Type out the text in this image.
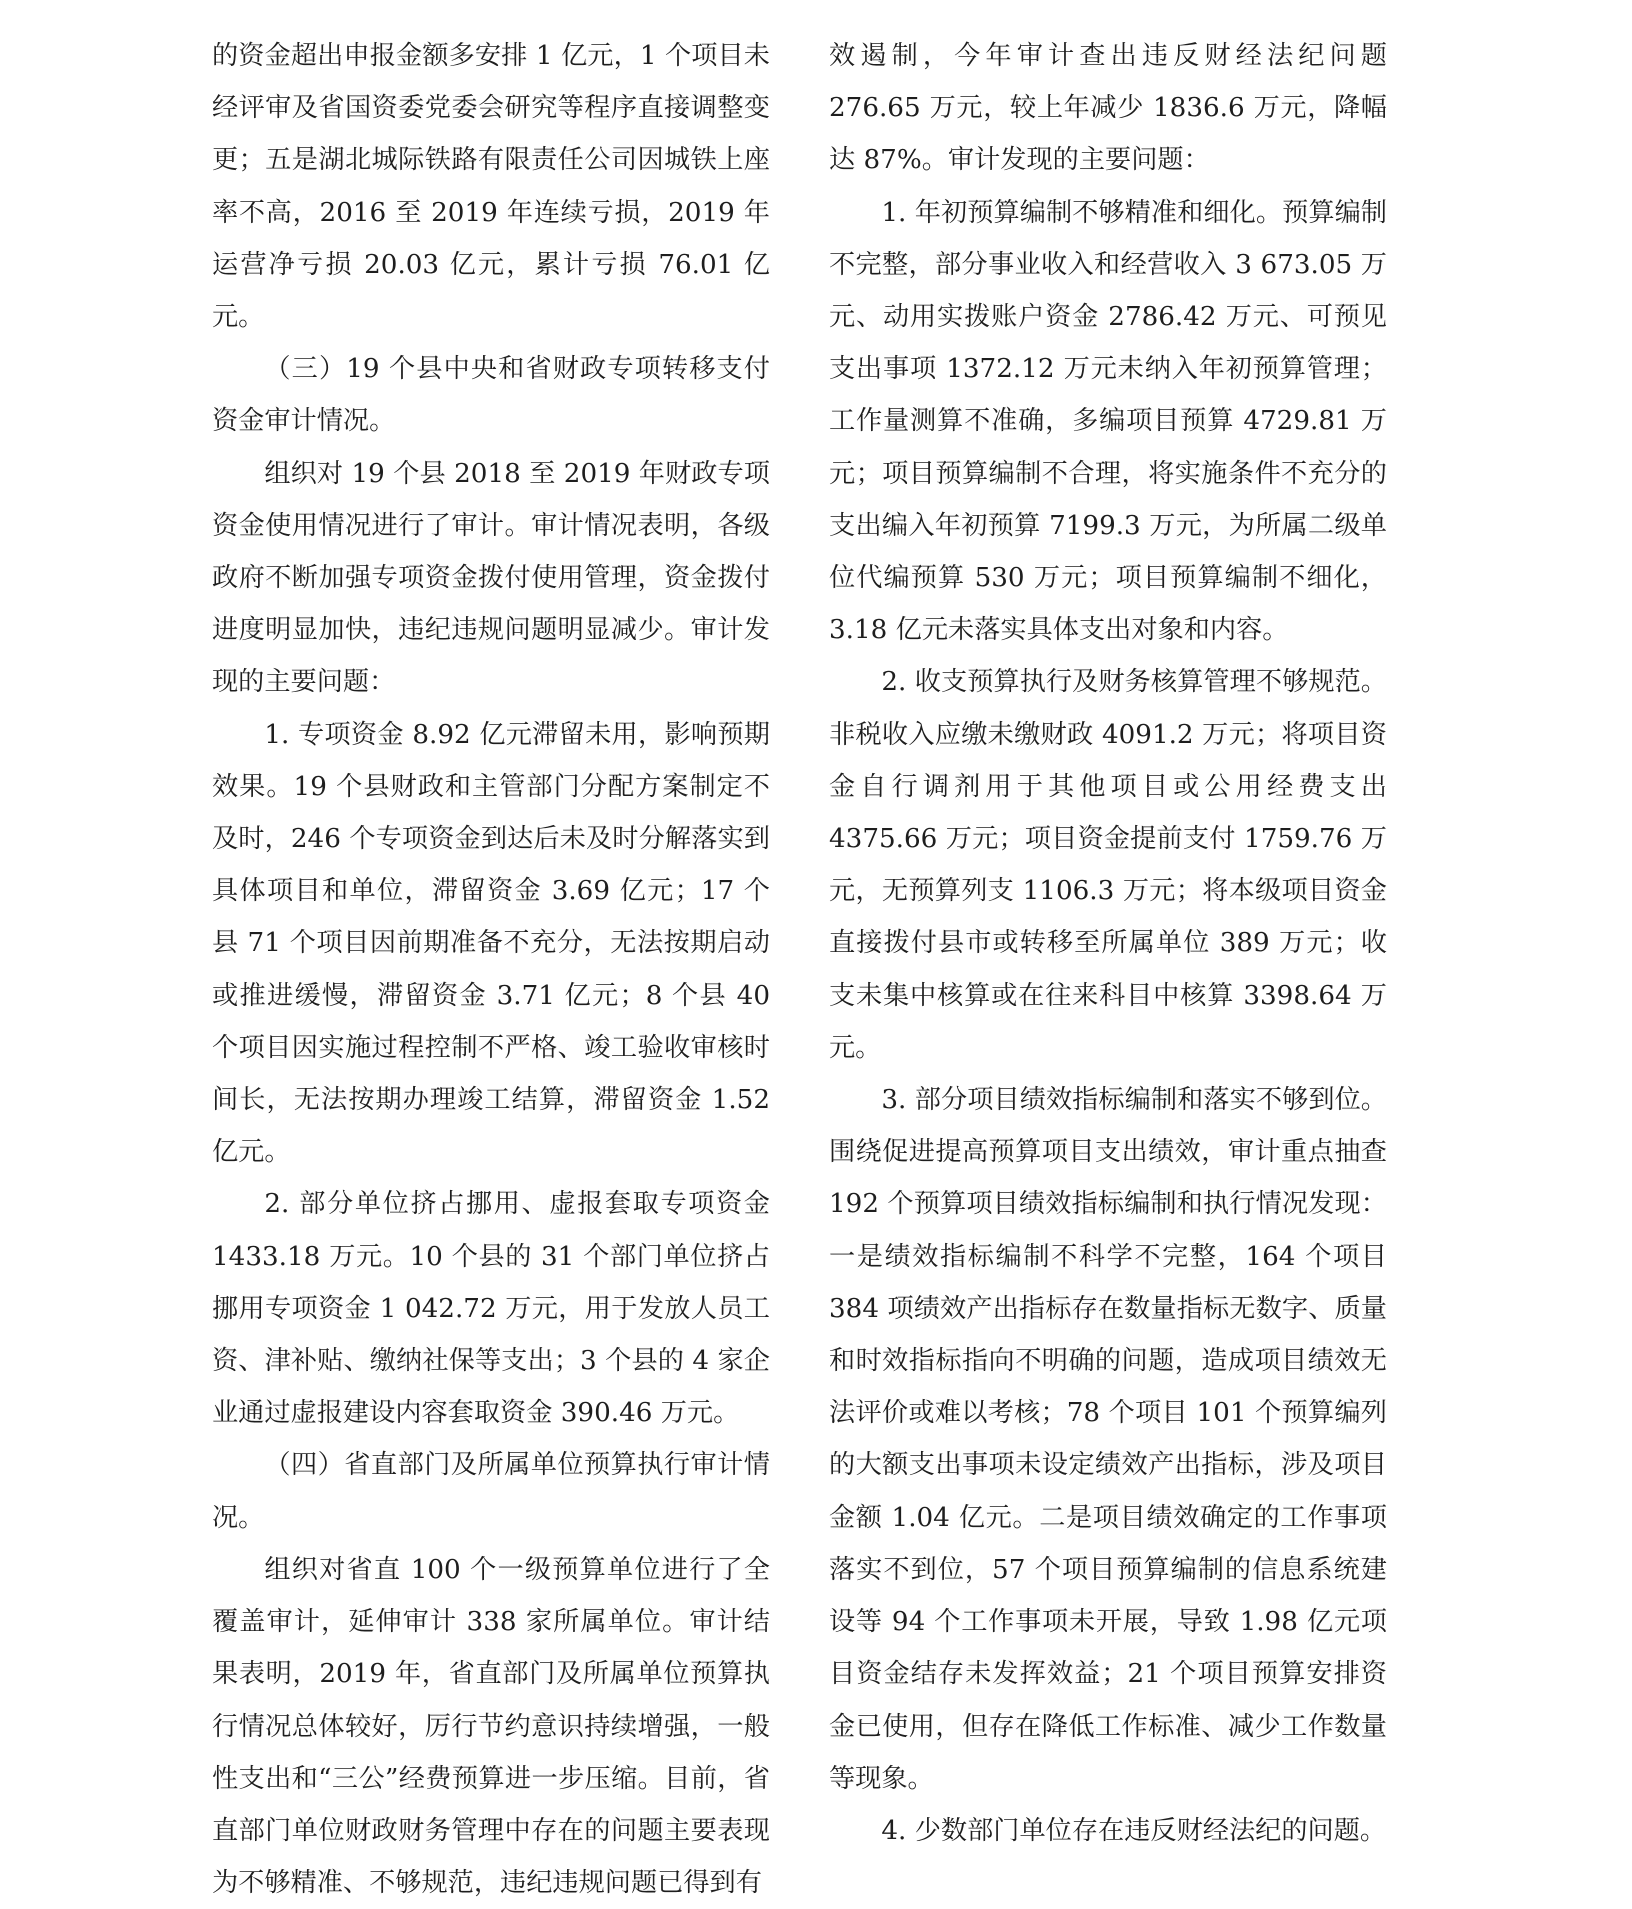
的资金超出申报金额多安排 1 亿元，1 个项目未经评审及省国资委党委会研究等程序直接调整变更；五是湖北城际铁路有限责任公司因城铁上座率不高，2016 至 2019 年连续亏损，2019 年运营净亏损 20.03 亿元，累计亏损 76.01 亿元。

（三）19 个县中央和省财政专项转移支付资金审计情况。

组织对 19 个县 2018 至 2019 年财政专项资金使用情况进行了审计。审计情况表明，各级政府不断加强专项资金拨付使用管理，资金拨付进度明显加快，违纪违规问题明显减少。审计发现的主要问题：

1. 专项资金 8.92 亿元滞留未用，影响预期效果。19 个县财政和主管部门分配方案制定不及时，246 个专项资金到达后未及时分解落实到具体项目和单位，滞留资金 3.69 亿元；17 个县 71 个项目因前期准备不充分，无法按期启动或推进缓慢，滞留资金 3.71 亿元；8 个县 40 个项目因实施过程控制不严格、竣工验收审核时间长，无法按期办理竣工结算，滞留资金 1.52 亿元。

2. 部分单位挤占挪用、虚报套取专项资金 1433.18 万元。10 个县的 31 个部门单位挤占挪用专项资金 1 042.72 万元，用于发放人员工资、津补贴、缴纳社保等支出；3 个县的 4 家企业通过虚报建设内容套取资金 390.46 万元。

（四）省直部门及所属单位预算执行审计情况。

组织对省直 100 个一级预算单位进行了全覆盖审计，延伸审计 338 家所属单位。审计结果表明，2019 年，省直部门及所属单位预算执行情况总体较好，厉行节约意识持续增强，一般性支出和“三公”经费预算进一步压缩。目前，省直部门单位财政财务管理中存在的问题主要表现为不够精准、不够规范，违纪违规问题已得到有

效遏制，今年审计查出违反财经法纪问题 276.65 万元，较上年减少 1836.6 万元，降幅达 87%。审计发现的主要问题：

1. 年初预算编制不够精准和细化。预算编制不完整，部分事业收入和经营收入 3 673.05 万元、动用实拨账户资金 2786.42 万元、可预见支出事项 1372.12 万元未纳入年初预算管理；工作量测算不准确，多编项目预算 4729.81 万元；项目预算编制不合理，将实施条件不充分的支出编入年初预算 7199.3 万元，为所属二级单位代编预算 530 万元；项目预算编制不细化，3.18 亿元未落实具体支出对象和内容。

2. 收支预算执行及财务核算管理不够规范。非税收入应缴未缴财政 4091.2 万元；将项目资金自行调剂用于其他项目或公用经费支出 4375.66 万元；项目资金提前支付 1759.76 万元，无预算列支 1106.3 万元；将本级项目资金直接拨付县市或转移至所属单位 389 万元；收支未集中核算或在往来科目中核算 3398.64 万元。

3. 部分项目绩效指标编制和落实不够到位。围绕促进提高预算项目支出绩效，审计重点抽查 192 个预算项目绩效指标编制和执行情况发现：一是绩效指标编制不科学不完整，164 个项目 384 项绩效产出指标存在数量指标无数字、质量和时效指标指向不明确的问题，造成项目绩效无法评价或难以考核；78 个项目 101 个预算编列的大额支出事项未设定绩效产出指标，涉及项目金额 1.04 亿元。二是项目绩效确定的工作事项落实不到位，57 个项目预算编制的信息系统建设等 94 个工作事项未开展，导致 1.98 亿元项目资金结存未发挥效益；21 个项目预算安排资金已使用，但存在降低工作标准、减少工作数量等现象。

4. 少数部门单位存在违反财经法纪的问题。
